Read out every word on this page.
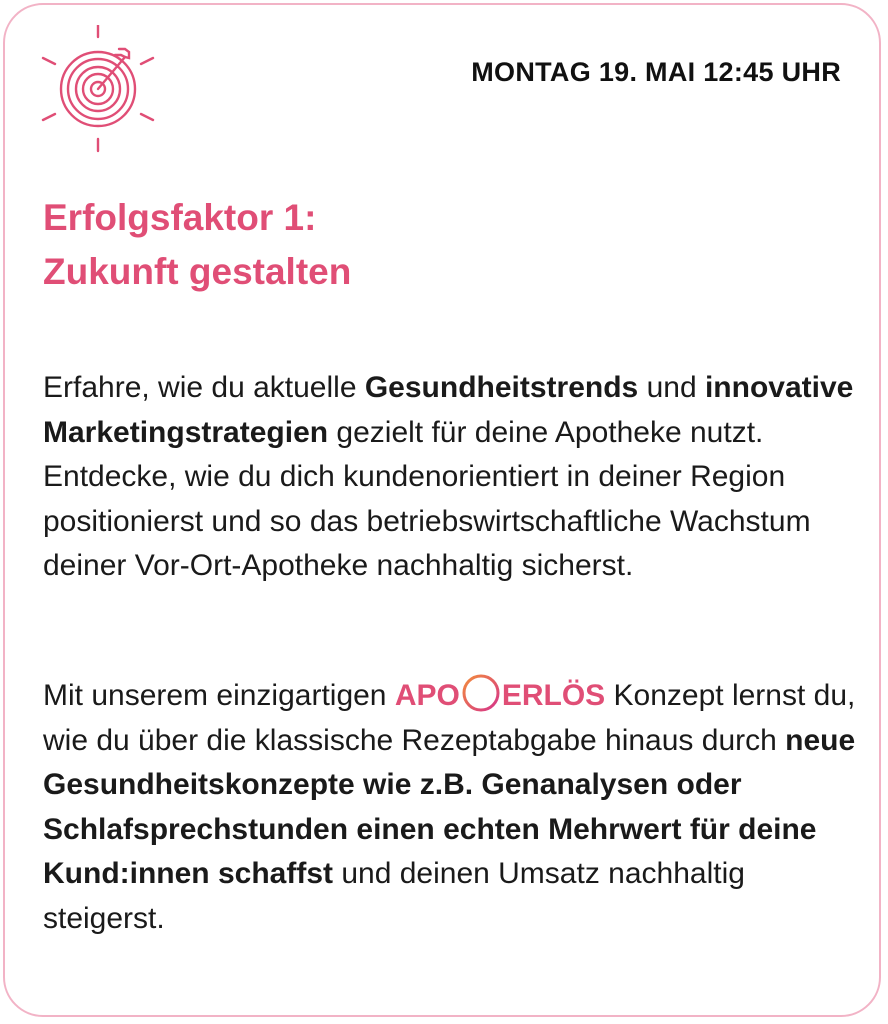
MONTAG 19. MAI 12:45 UHR
Erfolgsfaktor 1:
Zukunft gestalten

Erfahre, wie du aktuelle Gesundheitstrends und innovative Marketingstrategien gezielt für deine Apotheke nutzt. Entdecke, wie du dich kundenorientiert in deiner Region positionierst und so das betriebswirtschaftliche Wachstum deiner Vor-Ort-Apotheke nachhaltig sicherst.

Mit unserem einzigartigen APO ERLÖS Konzept lernst du, wie du über die klassische Rezeptabgabe hinaus durch neue Gesundheitskonzepte wie z.B. Genanalysen oder Schlafsprechstunden einen echten Mehrwert für deine Kund:innen schaffst und deinen Umsatz nachhaltig steigerst.
